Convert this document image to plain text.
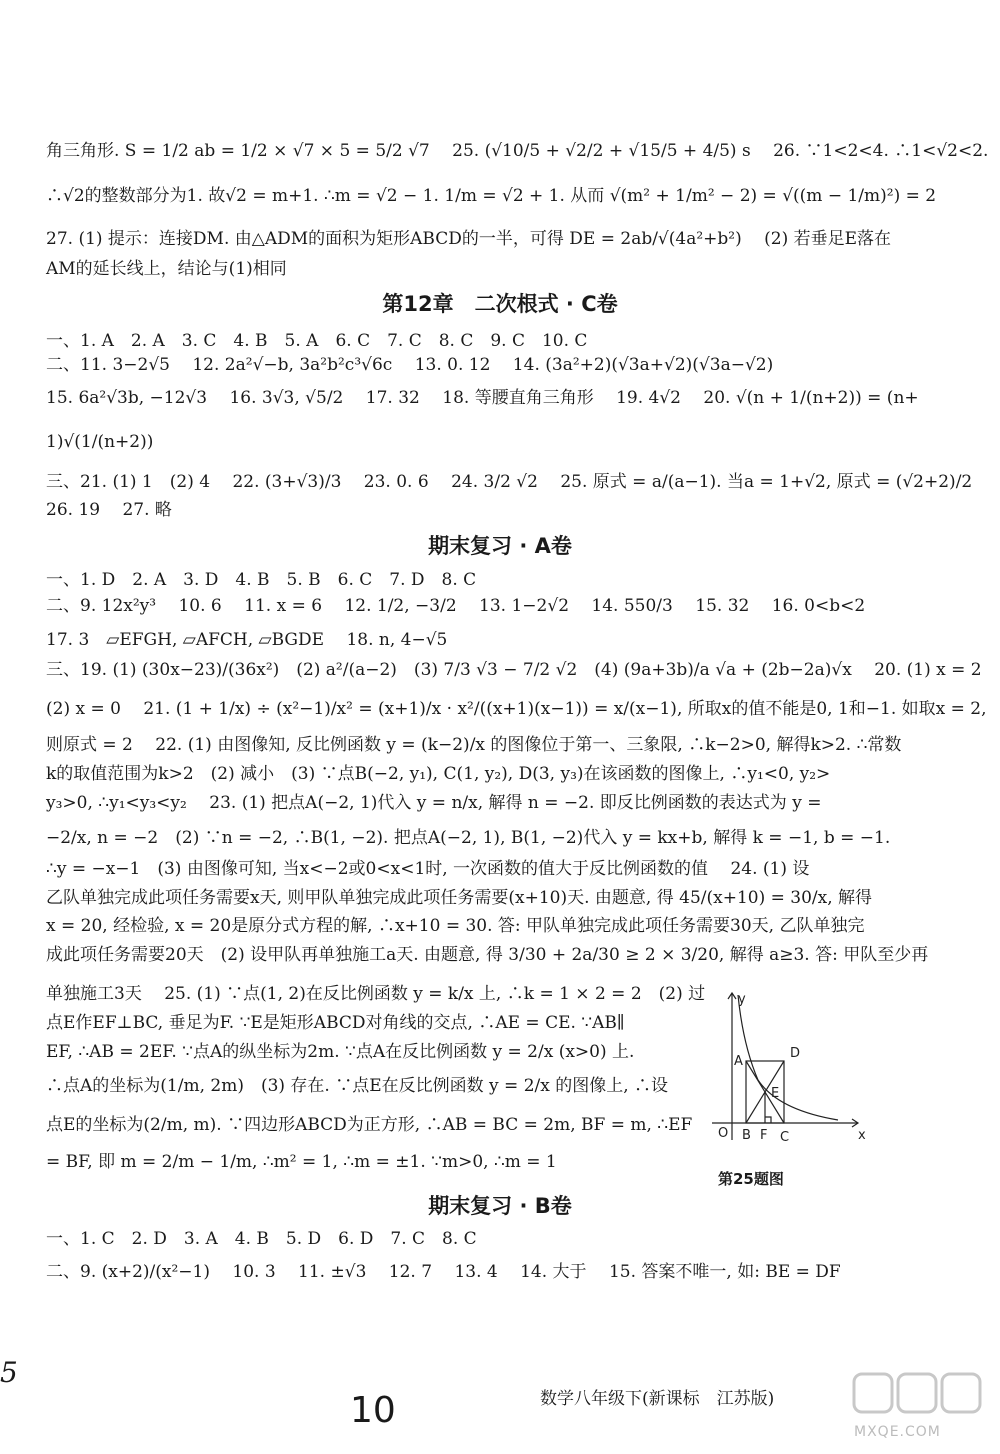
角三角形. S = 1/2 ab = 1/2 × √7 × 5 = 5/2 √7　 25. (√10/5 + √2/2 + √15/5 + 4/5) s　 26. ∵1<2<4. ∴1<√2<2.
∴√2的整数部分为1. 故√2 = m+1. ∴m = √2 − 1. 1/m = √2 + 1. 从而 √(m² + 1/m² − 2) = √((m − 1/m)²) = 2
27. (1) 提示：连接DM. 由△ADM的面积为矩形ABCD的一半，可得 DE = 2ab/√(4a²+b²)　 (2) 若垂足E落在
AM的延长线上，结论与(1)相同
第12章　二次根式 · C卷
一、1. A　2. A　3. C　4. B　5. A　6. C　7. C　8. C　9. C　10. C
二、11. 3−2√5　 12. 2a²√−b, 3a²b²c³√6c　 13. 0. 12　 14. (3a²+2)(√3a+√2)(√3a−√2)
15. 6a²√3b, −12√3　 16. 3√3, √5/2　 17. 32　 18. 等腰直角三角形　 19. 4√2　 20. √(n + 1/(n+2)) = (n+
1)√(1/(n+2))
三、21. (1) 1　(2) 4　 22. (3+√3)/3　 23. 0. 6　 24. 3/2 √2　 25. 原式 = a/(a−1). 当a = 1+√2, 原式 = (√2+2)/2
26. 19　 27. 略
期末复习 · A卷
一、1. D　2. A　3. D　4. B　5. B　6. C　7. D　8. C
二、9. 12x²y³　 10. 6　 11. x = 6　 12. 1/2, −3/2　 13. 1−2√2　 14. 550/3　 15. 32　 16. 0<b<2
17. 3　▱EFGH, ▱AFCH, ▱BGDE　 18. n, 4−√5
三、19. (1) (30x−23)/(36x²)　(2) a²/(a−2)　(3) 7/3 √3 − 7/2 √2　(4) (9a+3b)/a √a + (2b−2a)√x　 20. (1) x = 2
(2) x = 0　 21. (1 + 1/x) ÷ (x²−1)/x² = (x+1)/x · x²/((x+1)(x−1)) = x/(x−1), 所取x的值不能是0, 1和−1. 如取x = 2,
则原式 = 2　 22. (1) 由图像知, 反比例函数 y = (k−2)/x 的图像位于第一、三象限, ∴k−2>0, 解得k>2. ∴常数
k的取值范围为k>2　(2) 减小　(3) ∵点B(−2, y₁), C(1, y₂), D(3, y₃)在该函数的图像上, ∴y₁<0, y₂>
y₃>0, ∴y₁<y₃<y₂　 23. (1) 把点A(−2, 1)代入 y = n/x, 解得 n = −2. 即反比例函数的表达式为 y =
−2/x, n = −2　(2) ∵n = −2, ∴B(1, −2). 把点A(−2, 1), B(1, −2)代入 y = kx+b, 解得 k = −1, b = −1.
∴y = −x−1　(3) 由图像可知, 当x<−2或0<x<1时, 一次函数的值大于反比例函数的值　 24. (1) 设
乙队单独完成此项任务需要x天, 则甲队单独完成此项任务需要(x+10)天. 由题意, 得 45/(x+10) = 30/x, 解得
x = 20, 经检验, x = 20是原分式方程的解, ∴x+10 = 30. 答: 甲队单独完成此项任务需要30天, 乙队单独完
成此项任务需要20天　(2) 设甲队再单独施工a天. 由题意, 得 3/30 + 2a/30 ≥ 2 × 3/20, 解得 a≥3. 答: 甲队至少再
单独施工3天　 25. (1) ∵点(1, 2)在反比例函数 y = k/x 上, ∴k = 1 × 2 = 2　(2) 过
点E作EF⊥BC, 垂足为F. ∵E是矩形ABCD对角线的交点, ∴AE = CE. ∵AB∥
EF, ∴AB = 2EF. ∵点A的纵坐标为2m. ∵点A在反比例函数 y = 2/x (x>0) 上.
∴点A的坐标为(1/m, 2m)　(3) 存在. ∵点E在反比例函数 y = 2/x 的图像上, ∴设
点E的坐标为(2/m, m). ∵四边形ABCD为正方形, ∴AB = BC = 2m, BF = m, ∴EF
= BF, 即 m = 2/m − 1/m, ∴m² = 1, ∴m = ±1. ∵m>0, ∴m = 1
y
x
O
A
D
E
B F C
第25题图
期末复习 · B卷
一、1. C　2. D　3. A　4. B　5. D　6. D　7. C　8. C
二、9. (x+2)/(x²−1)　 10. 3　 11. ±√3　 12. 7　 13. 4　 14. 大于　 15. 答案不唯一, 如: BE = DF
5
10	数学八年级下(新课标　江苏版)
MXQE.COM
